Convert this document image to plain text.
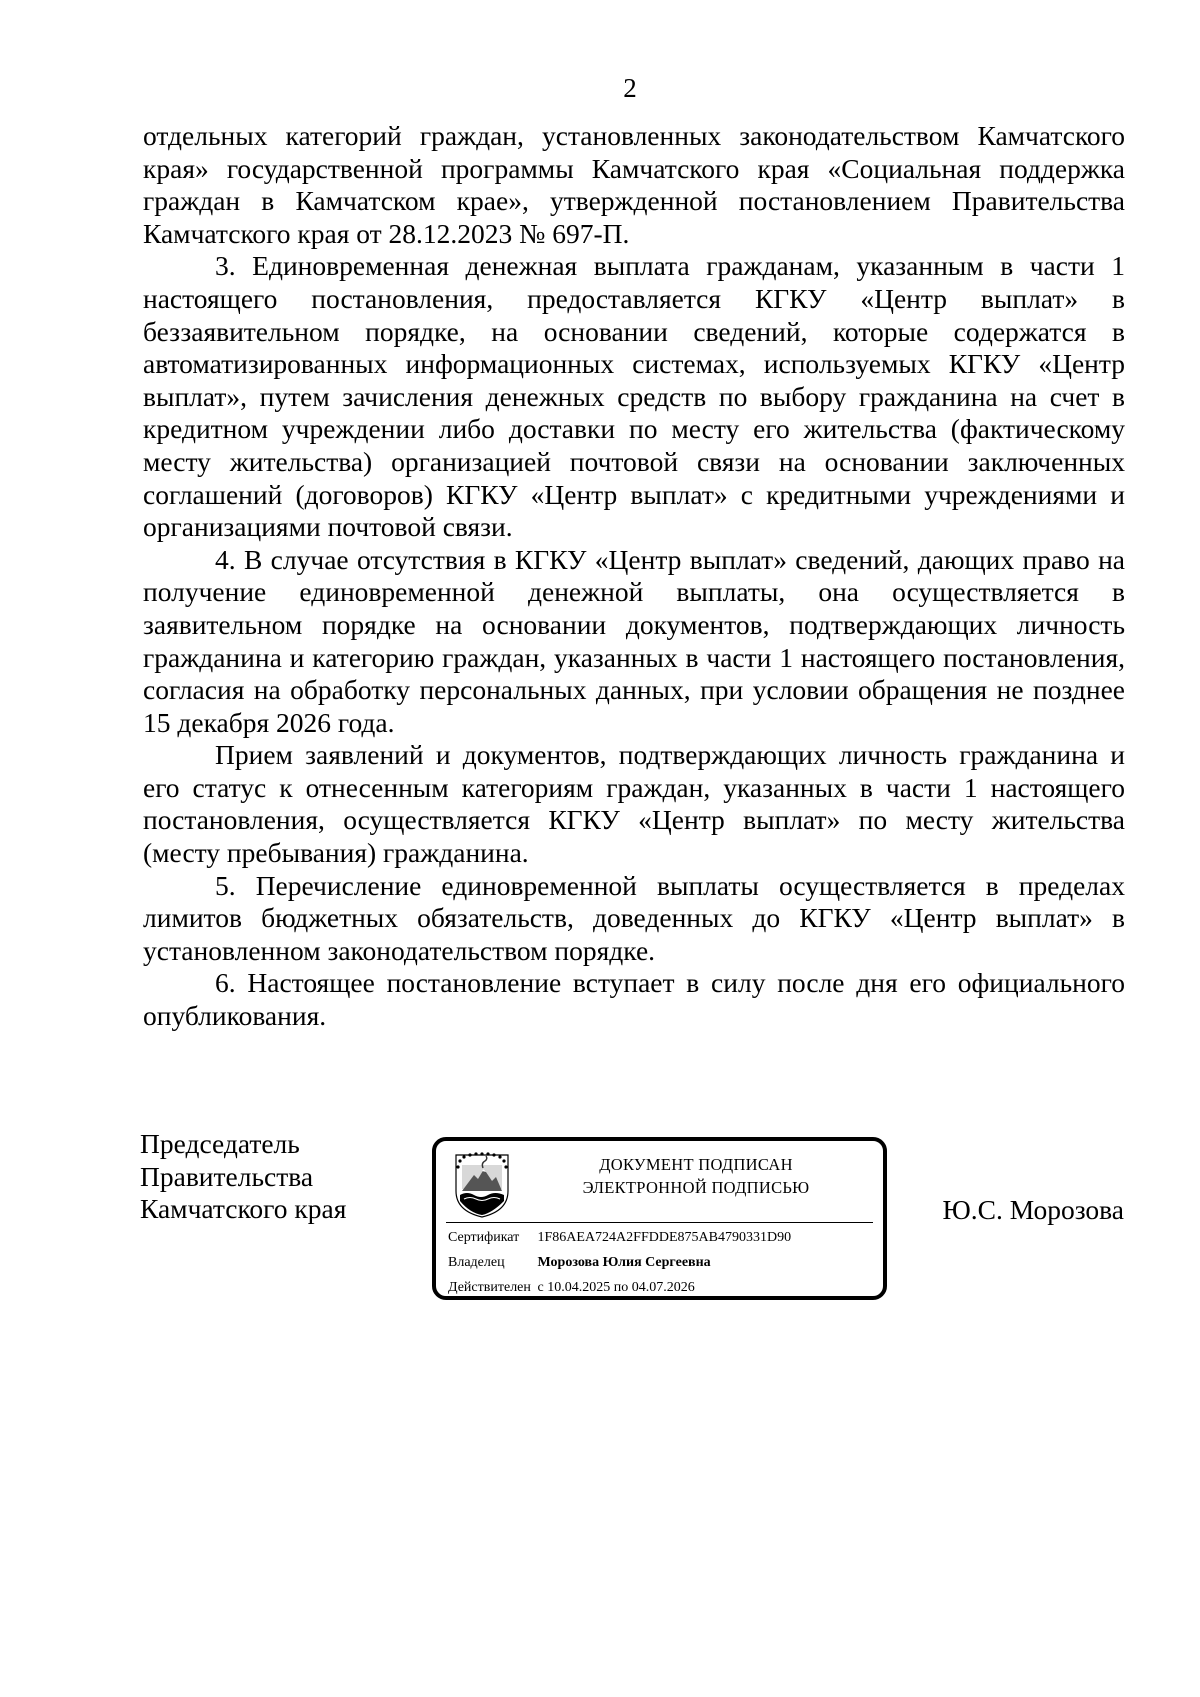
2

отдельных категорий граждан, установленных законодательством Камчатского края» государственной программы Камчатского края «Социальная поддержка граждан в Камчатском крае», утвержденной постановлением Правительства Камчатского края от 28.12.2023 № 697-П.

3. Единовременная денежная выплата гражданам, указанным в части 1 настоящего постановления, предоставляется КГКУ «Центр выплат» в беззаявительном порядке, на основании сведений, которые содержатся в автоматизированных информационных системах, используемых КГКУ «Центр выплат», путем зачисления денежных средств по выбору гражданина на счет в кредитном учреждении либо доставки по месту его жительства (фактическому месту жительства) организацией почтовой связи на основании заключенных соглашений (договоров) КГКУ «Центр выплат» с кредитными учреждениями и организациями почтовой связи.

4. В случае отсутствия в КГКУ «Центр выплат» сведений, дающих право на получение единовременной денежной выплаты, она осуществляется в заявительном порядке на основании документов, подтверждающих личность гражданина и категорию граждан, указанных в части 1 настоящего постановления, согласия на обработку персональных данных, при условии обращения не позднее 15 декабря 2026 года.

Прием заявлений и документов, подтверждающих личность гражданина и его статус к отнесенным категориям граждан, указанных в части 1 настоящего постановления, осуществляется КГКУ «Центр выплат» по месту жительства (месту пребывания) гражданина.

5. Перечисление единовременной выплаты осуществляется в пределах лимитов бюджетных обязательств, доведенных до КГКУ «Центр выплат» в установленном законодательством порядке.

6. Настоящее постановление вступает в силу после дня его официального опубликования.

Председатель
Правительства
Камчатского края
ДОКУМЕНТ ПОДПИСАН
ЭЛЕКТРОННОЙ ПОДПИСЬЮ
Сертификат 1F86AEA724A2FFDDE875AB4790331D90
Владелец Морозова Юлия Сергеевна
Действителен с 10.04.2025 по 04.07.2026
Ю.С. Морозова
